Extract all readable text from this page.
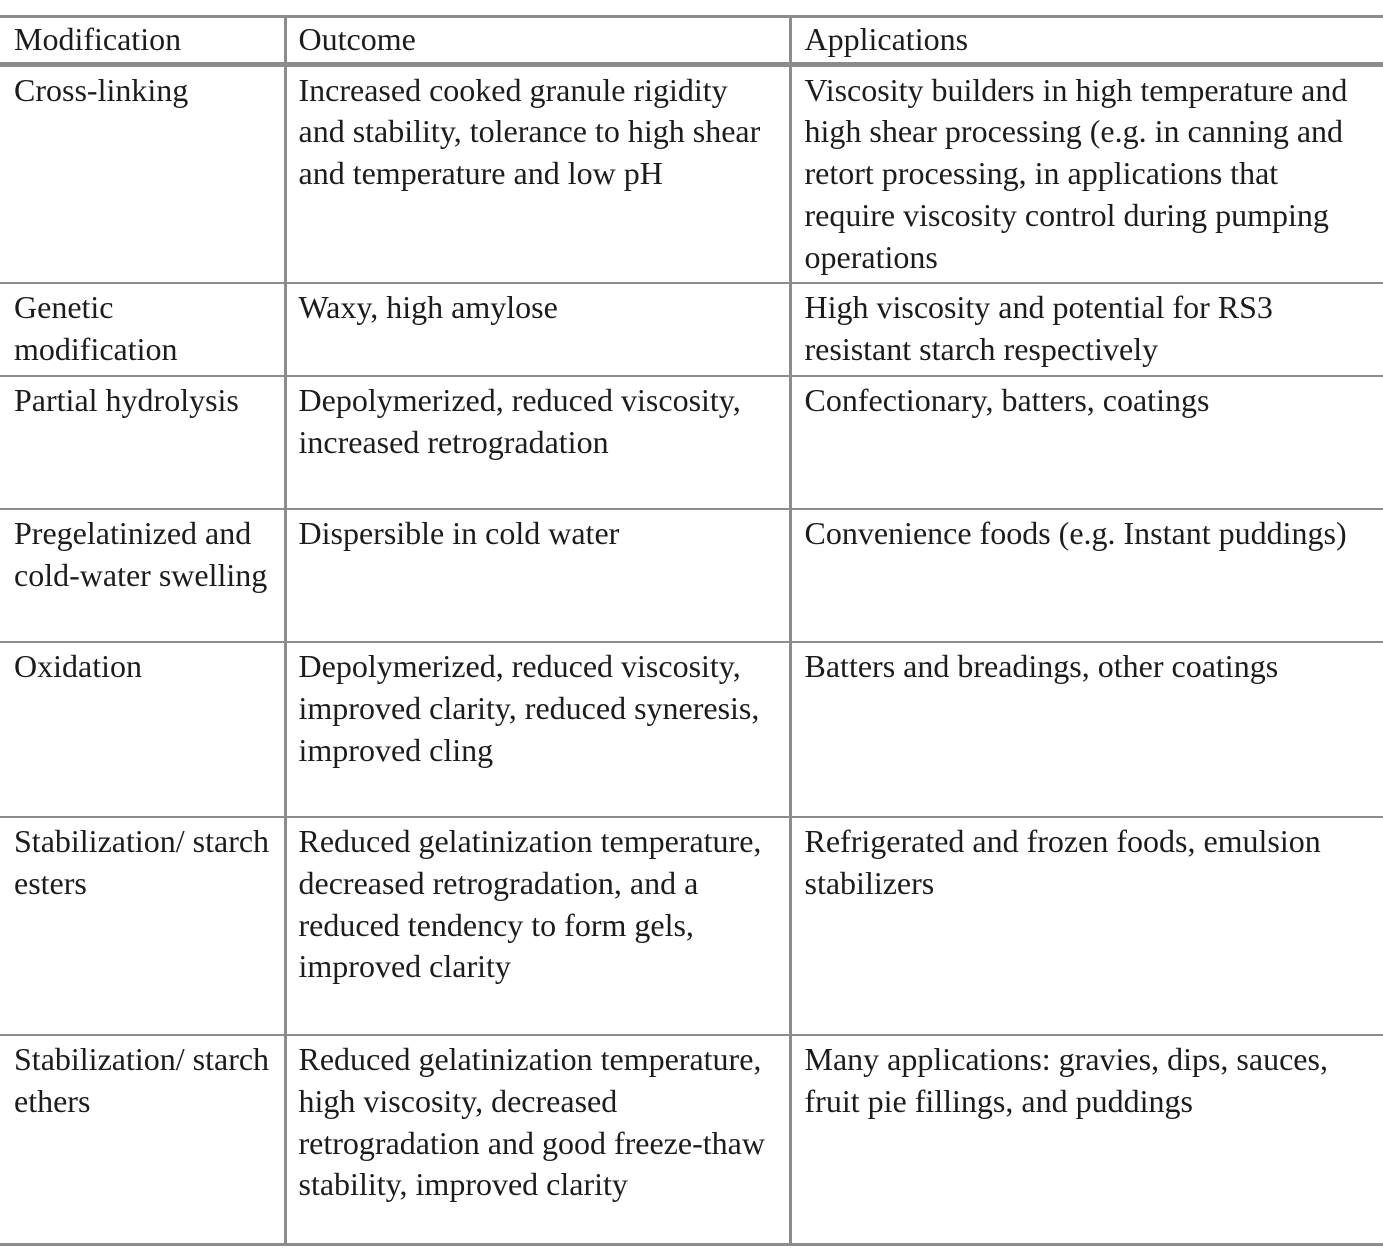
Modification	Outcome	Applications
Cross-linking	Increased cooked granule rigidity and stability, tolerance to high shear and temperature and low pH	Viscosity builders in high temperature and high shear processing (e.g. in canning and retort processing, in applications that require viscosity control during pumping operations
Genetic modification	Waxy, high amylose	High viscosity and potential for RS3 resistant starch respectively
Partial hydrolysis	Depolymerized, reduced viscosity, increased retrogradation	Confectionary, batters, coatings
Pregelatinized and cold-water swelling	Dispersible in cold water	Convenience foods (e.g. Instant puddings)
Oxidation	Depolymerized, reduced viscosity, improved clarity, reduced syneresis, improved cling	Batters and breadings, other coatings
Stabilization/ starch esters	Reduced gelatinization temperature, decreased retrogradation, and a reduced tendency to form gels, improved clarity	Refrigerated and frozen foods, emulsion stabilizers
Stabilization/ starch ethers	Reduced gelatinization temperature, high viscosity, decreased retrogradation and good freeze-thaw stability, improved clarity	Many applications: gravies, dips, sauces, fruit pie fillings, and puddings
